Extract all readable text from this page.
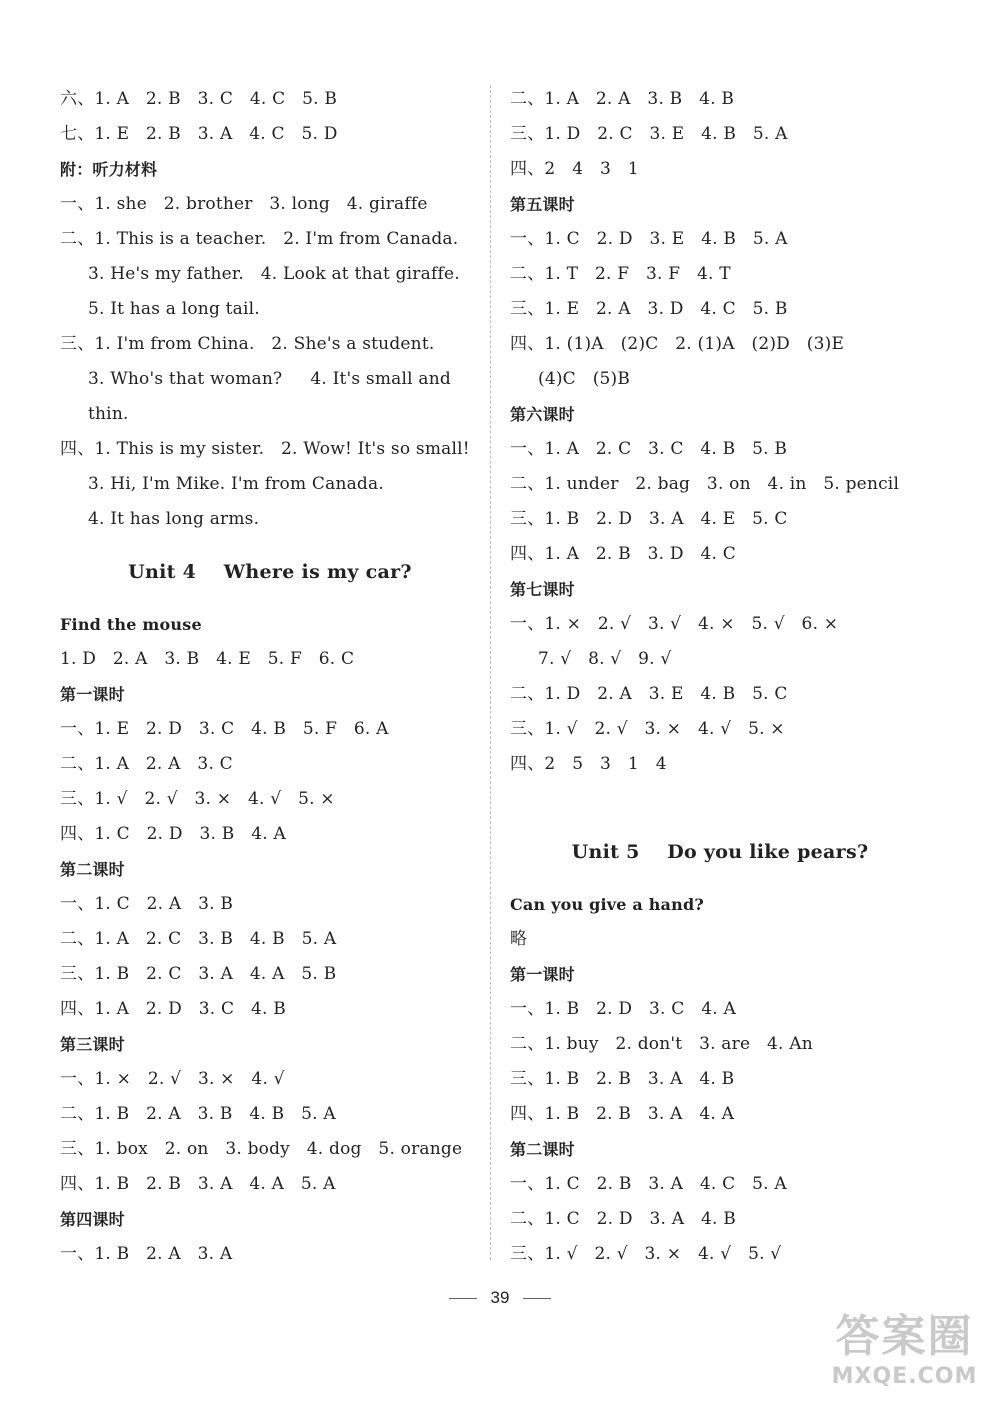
六、1. A   2. B   3. C   4. C   5. B
七、1. E   2. B   3. A   4. C   5. D
附：听力材料
一、1. she   2. brother   3. long   4. giraffe
二、1. This is a teacher.   2. I'm from Canada.
3. He's my father.   4. Look at that giraffe.
5. It has a long tail.
三、1. I'm from China.   2. She's a student.
3. Who's that woman?     4. It's small and
thin.
四、1. This is my sister.   2. Wow! It's so small!
3. Hi, I'm Mike. I'm from Canada.
4. It has long arms.
Unit 4    Where is my car?
Find the mouse
1. D   2. A   3. B   4. E   5. F   6. C
第一课时
一、1. E   2. D   3. C   4. B   5. F   6. A
二、1. A   2. A   3. C
三、1. √   2. √   3. ×   4. √   5. ×
四、1. C   2. D   3. B   4. A
第二课时
一、1. C   2. A   3. B
二、1. A   2. C   3. B   4. B   5. A
三、1. B   2. C   3. A   4. A   5. B
四、1. A   2. D   3. C   4. B
第三课时
一、1. ×   2. √   3. ×   4. √
二、1. B   2. A   3. B   4. B   5. A
三、1. box   2. on   3. body   4. dog   5. orange
四、1. B   2. B   3. A   4. A   5. A
第四课时
一、1. B   2. A   3. A
二、1. A   2. A   3. B   4. B
三、1. D   2. C   3. E   4. B   5. A
四、2   4   3   1
第五课时
一、1. C   2. D   3. E   4. B   5. A
二、1. T   2. F   3. F   4. T
三、1. E   2. A   3. D   4. C   5. B
四、1. (1)A   (2)C   2. (1)A   (2)D   (3)E
(4)C   (5)B
第六课时
一、1. A   2. C   3. C   4. B   5. B
二、1. under   2. bag   3. on   4. in   5. pencil
三、1. B   2. D   3. A   4. E   5. C
四、1. A   2. B   3. D   4. C
第七课时
一、1. ×   2. √   3. √   4. ×   5. √   6. ×
7. √   8. √   9. √
二、1. D   2. A   3. E   4. B   5. C
三、1. √   2. √   3. ×   4. √   5. ×
四、2   5   3   1   4
Unit 5    Do you like pears?
Can you give a hand?
略
第一课时
一、1. B   2. D   3. C   4. A
二、1. buy   2. don't   3. are   4. An
三、1. B   2. B   3. A   4. B
四、1. B   2. B   3. A   4. A
第二课时
一、1. C   2. B   3. A   4. C   5. A
二、1. C   2. D   3. A   4. B
三、1. √   2. √   3. ×   4. √   5. √
39
答案圈
MXQE.COM
